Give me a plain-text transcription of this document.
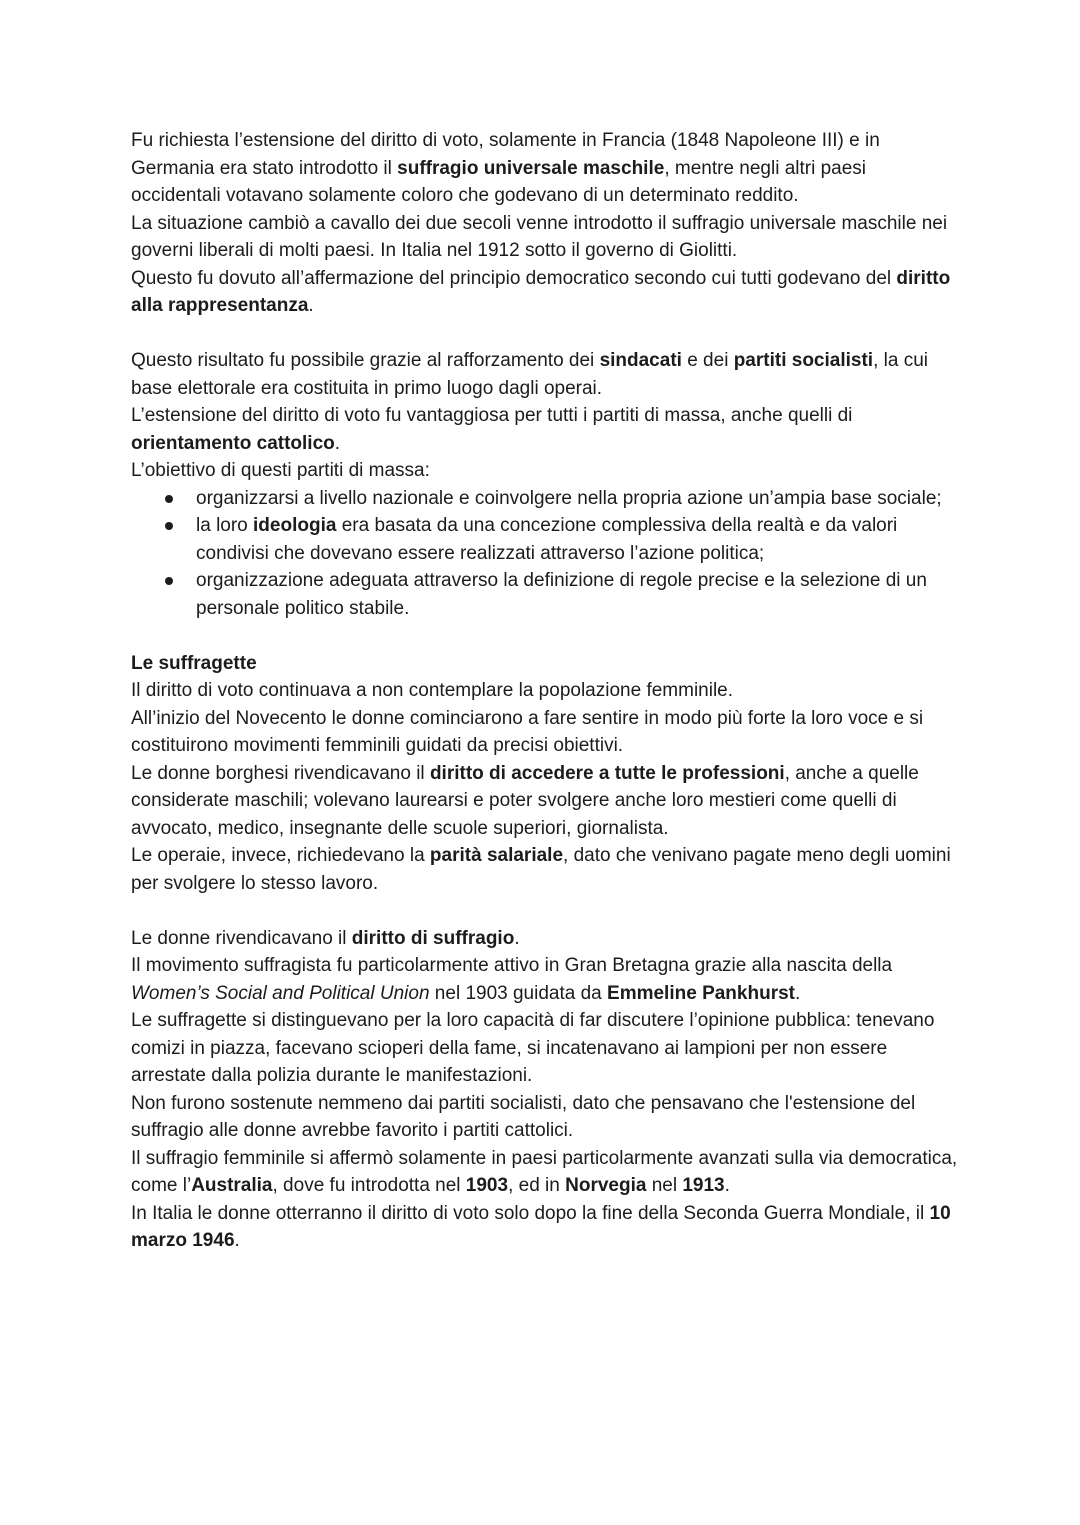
Fu richiesta l’estensione del diritto di voto, solamente in Francia (1848 Napoleone III) e in Germania era stato introdotto il suffragio universale maschile, mentre negli altri paesi occidentali votavano solamente coloro che godevano di un determinato reddito.

La situazione cambiò a cavallo dei due secoli venne introdotto il suffragio universale maschile nei governi liberali di molti paesi. In Italia nel 1912 sotto il governo di Giolitti.

Questo fu dovuto all’affermazione del principio democratico secondo cui tutti godevano del diritto alla rappresentanza.

Questo risultato fu possibile grazie al rafforzamento dei sindacati e dei partiti socialisti, la cui base elettorale era costituita in primo luogo dagli operai.

L’estensione del diritto di voto fu vantaggiosa per tutti i partiti di massa, anche quelli di orientamento cattolico.

L’obiettivo di questi partiti di massa:

organizzarsi a livello nazionale e coinvolgere nella propria azione un’ampia base sociale;
la loro ideologia era basata da una concezione complessiva della realtà e da valori condivisi che dovevano essere realizzati attraverso l’azione politica;
organizzazione adeguata attraverso la definizione di regole precise e la selezione di un personale politico stabile.

Le suffragette

Il diritto di voto continuava a non contemplare la popolazione femminile.

All’inizio del Novecento le donne cominciarono a fare sentire in modo più forte la loro voce e si costituirono movimenti femminili guidati da precisi obiettivi.

Le donne borghesi rivendicavano il diritto di accedere a tutte le professioni, anche a quelle considerate maschili; volevano laurearsi e poter svolgere anche loro mestieri come quelli di avvocato, medico, insegnante delle scuole superiori, giornalista.

Le operaie, invece, richiedevano la parità salariale, dato che venivano pagate meno degli uomini per svolgere lo stesso lavoro.

Le donne rivendicavano il diritto di suffragio.

Il movimento suffragista fu particolarmente attivo in Gran Bretagna grazie alla nascita della Women’s Social and Political Union nel 1903 guidata da Emmeline Pankhurst.

Le suffragette si distinguevano per la loro capacità di far discutere l’opinione pubblica: tenevano comizi in piazza, facevano scioperi della fame, si incatenavano ai lampioni per non essere arrestate dalla polizia durante le manifestazioni.

Non furono sostenute nemmeno dai partiti socialisti, dato che pensavano che l'estensione del suffragio alle donne avrebbe favorito i partiti cattolici.

Il suffragio femminile si affermò solamente in paesi particolarmente avanzati sulla via democratica, come l’Australia, dove fu introdotta nel 1903, ed in Norvegia nel 1913.

In Italia le donne otterranno il diritto di voto solo dopo la fine della Seconda Guerra Mondiale, il 10 marzo 1946.
